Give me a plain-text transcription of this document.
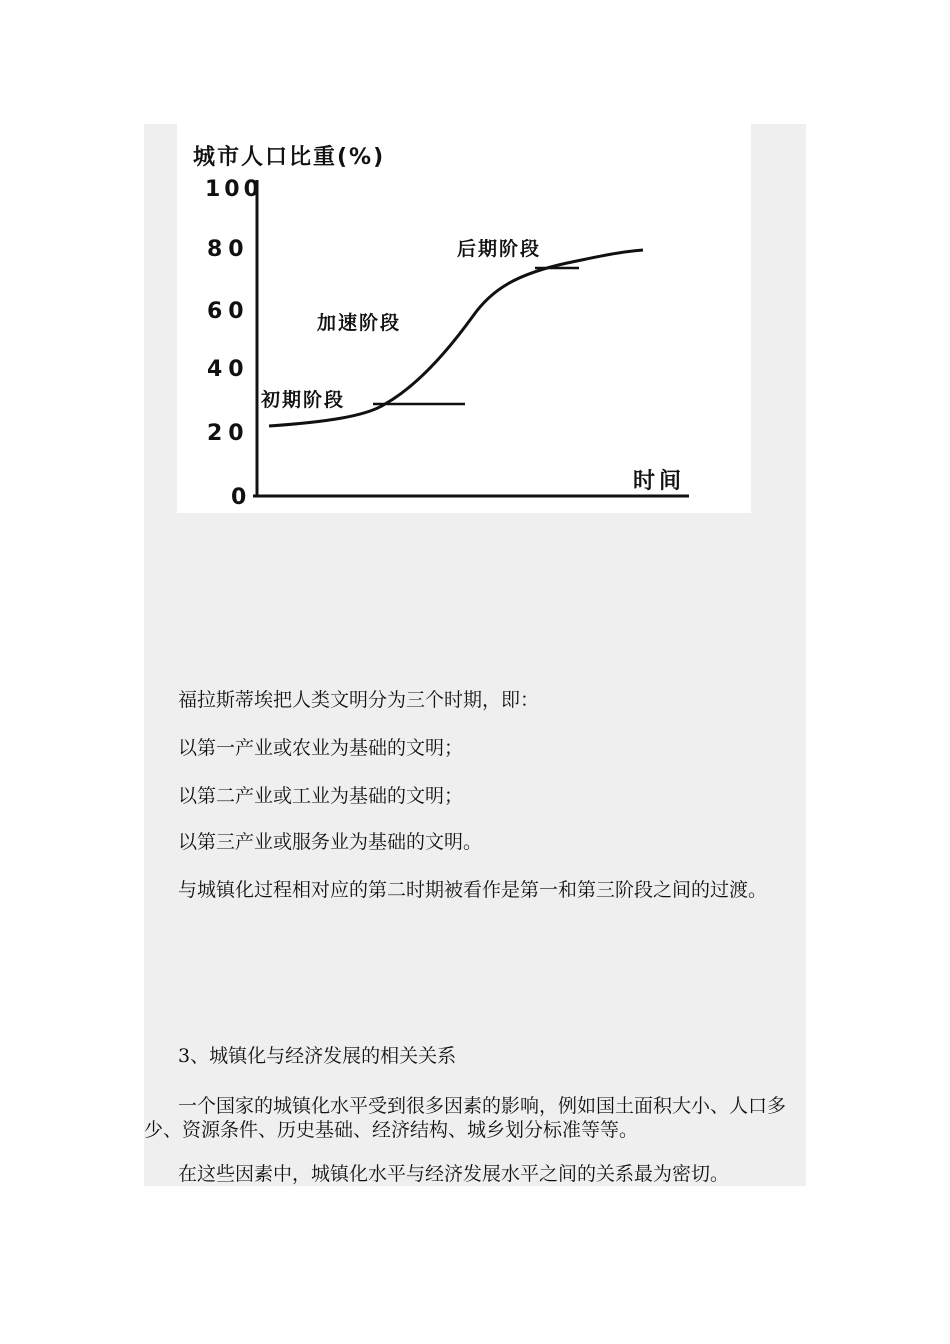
城市人口比重(%)
100
80
60
40
20
0
时间
初期阶段
加速阶段
后期阶段

福拉斯蒂埃把人类文明分为三个时期，即：

以第一产业或农业为基础的文明；

以第二产业或工业为基础的文明；

以第三产业或服务业为基础的文明。

与城镇化过程相对应的第二时期被看作是第一和第三阶段之间的过渡。

3、城镇化与经济发展的相关关系

一个国家的城镇化水平受到很多因素的影响，例如国土面积大小、人口多少、资源条件、历史基础、经济结构、城乡划分标准等等。

在这些因素中，城镇化水平与经济发展水平之间的关系最为密切。
